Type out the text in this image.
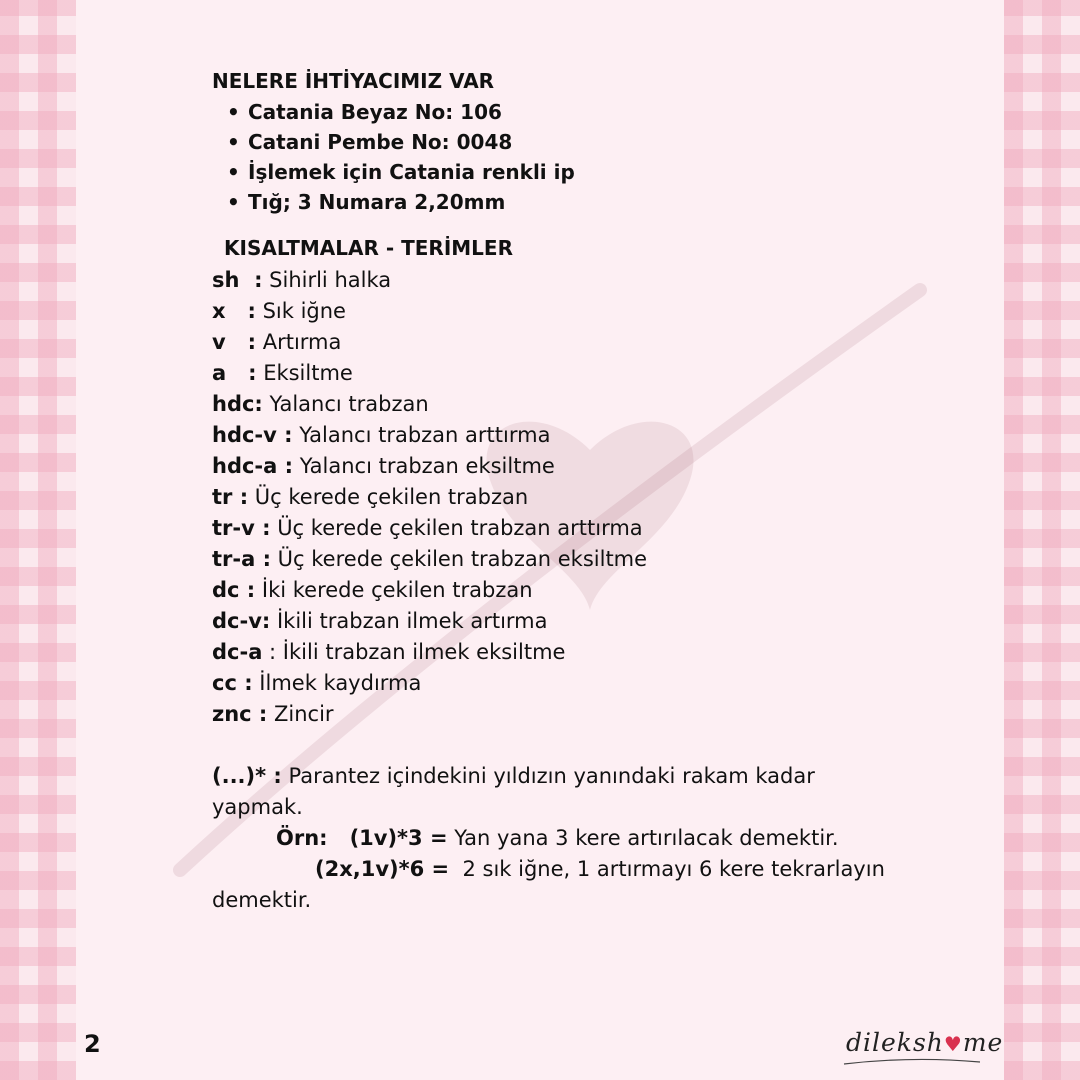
NELERE İHTİYACIMIZ VAR
• Catania Beyaz No: 106
• Catani Pembe No: 0048
• İşlemek için Catania renkli ip
• Tığ; 3 Numara 2,20mm
KISALTMALAR - TERİMLER
sh  : Sihirli halka
x   : Sık iğne
v   : Artırma
a   : Eksiltme
hdc: Yalancı trabzan
hdc-v : Yalancı trabzan arttırma
hdc-a : Yalancı trabzan eksiltme
tr : Üç kerede çekilen trabzan
tr-v : Üç kerede çekilen trabzan arttırma
tr-a : Üç kerede çekilen trabzan eksiltme
dc : İki kerede çekilen trabzan
dc-v: İkili trabzan ilmek artırma
dc-a : İkili trabzan ilmek eksiltme
cc : İlmek kaydırma
znc : Zincir
(...)* : Parantez içindekini yıldızın yanındaki rakam kadar
yapmak.
Örn: (1v)*3 = Yan yana 3 kere artırılacak demektir.
(2x,1v)*6 =  2 sık iğne, 1 artırmayı 6 kere tekrarlayın
demektir.
2	dileksh♥me
